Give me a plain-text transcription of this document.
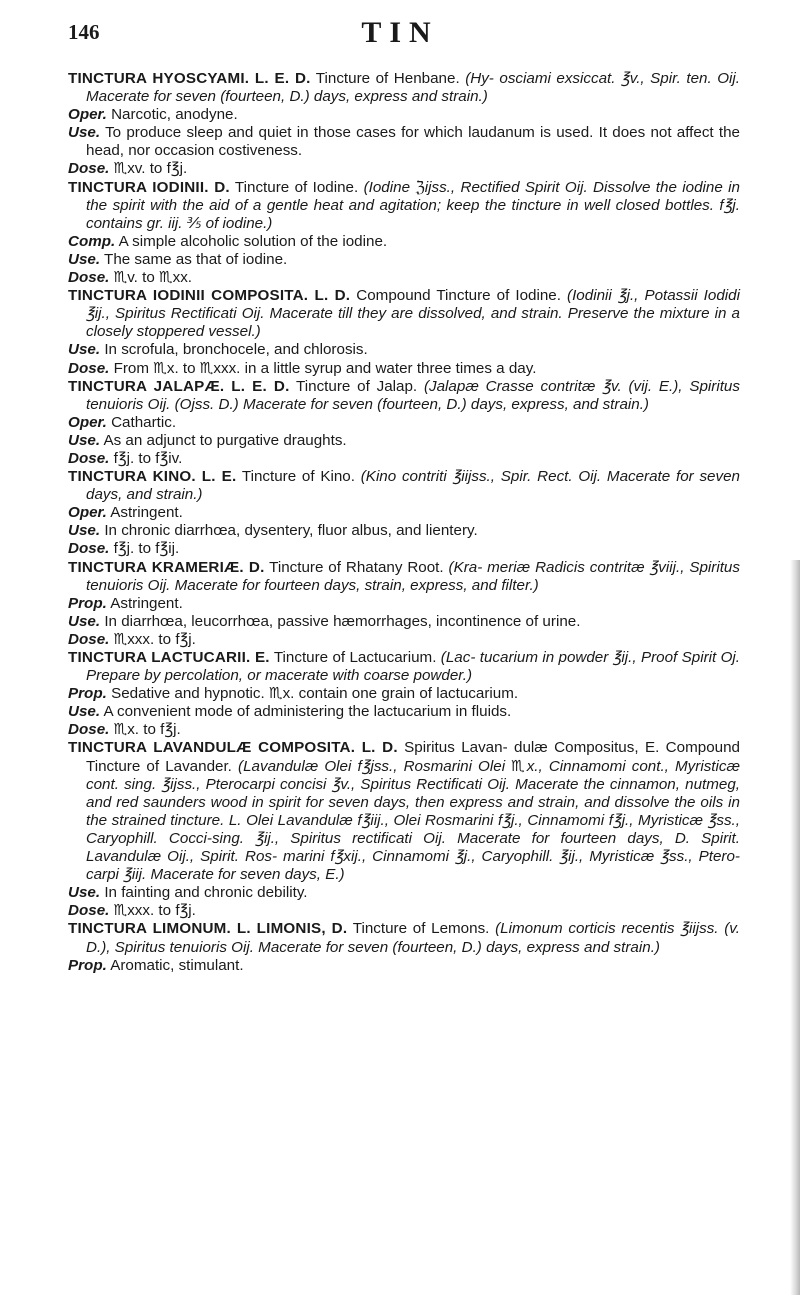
146	TIN

TINCTURA HYOSCYAMI. L. E. D. Tincture of Henbane. (Hy- osciami exsiccat. ℥v., Spir. ten. Oij. Macerate for seven (fourteen, D.) days, express and strain.)

Oper. Narcotic, anodyne.

Use. To produce sleep and quiet in those cases for which laudanum is used. It does not affect the head, nor occasion costiveness.

Dose. ♏xv. to f℥j.

TINCTURA IODINII. D. Tincture of Iodine. (Iodine ℨijss., Rectified Spirit Oij. Dissolve the iodine in the spirit with the aid of a gentle heat and agitation; keep the tincture in well closed bottles. f℥j. contains gr. iij. ⅗ of iodine.)

Comp. A simple alcoholic solution of the iodine.

Use. The same as that of iodine.

Dose. ♏v. to ♏xx.

TINCTURA IODINII COMPOSITA. L. D. Compound Tincture of Iodine. (Iodinii ℥j., Potassii Iodidi ℥ij., Spiritus Rectificati Oij. Macerate till they are dissolved, and strain. Preserve the mixture in a closely stoppered vessel.)

Use. In scrofula, bronchocele, and chlorosis.

Dose. From ♏x. to ♏xxx. in a little syrup and water three times a day.

TINCTURA JALAPÆ. L. E. D. Tincture of Jalap. (Jalapæ Crasse contritæ ℥v. (vij. E.), Spiritus tenuioris Oij. (Ojss. D.) Macerate for seven (fourteen, D.) days, express, and strain.)

Oper. Cathartic.

Use. As an adjunct to purgative draughts.

Dose. f℥j. to f℥iv.

TINCTURA KINO. L. E. Tincture of Kino. (Kino contriti ℥iijss., Spir. Rect. Oij. Macerate for seven days, and strain.)

Oper. Astringent.

Use. In chronic diarrhœa, dysentery, fluor albus, and lientery.

Dose. f℥j. to f℥ij.

TINCTURA KRAMERIÆ. D. Tincture of Rhatany Root. (Kra- meriæ Radicis contritæ ℥viij., Spiritus tenuioris Oij. Macerate for fourteen days, strain, express, and filter.)

Prop. Astringent.

Use. In diarrhœa, leucorrhœa, passive hæmorrhages, incontinence of urine.

Dose. ♏xxx. to f℥j.

TINCTURA LACTUCARII. E. Tincture of Lactucarium. (Lac- tucarium in powder ℥ij., Proof Spirit Oj. Prepare by percolation, or macerate with coarse powder.)

Prop. Sedative and hypnotic. ♏x. contain one grain of lactucarium.

Use. A convenient mode of administering the lactucarium in fluids.

Dose. ♏x. to f℥j.

TINCTURA LAVANDULÆ COMPOSITA. L. D. Spiritus Lavan- dulæ Compositus, E. Compound Tincture of Lavander. (Lavandulæ Olei f℥jss., Rosmarini Olei ♏x., Cinnamomi cont., Myristicæ cont. sing. ℥ijss., Pterocarpi concisi ℥v., Spiritus Rectificati Oij. Macerate the cinnamon, nutmeg, and red saunders wood in spirit for seven days, then express and strain, and dissolve the oils in the strained tincture. L. Olei Lavandulæ f℥iij., Olei Rosmarini f℥j., Cinnamomi f℥j., Myristicæ ℥ss., Caryophill. Cocci-sing. ℥ij., Spiritus rectificati Oij. Macerate for fourteen days, D. Spirit. Lavandulæ Oij., Spirit. Ros- marini f℥xij., Cinnamomi ℥j., Caryophill. ℥ij., Myristicæ ℥ss., Ptero- carpi ℥iij. Macerate for seven days, E.)

Use. In fainting and chronic debility.

Dose. ♏xxx. to f℥j.

TINCTURA LIMONUM. L. LIMONIS, D. Tincture of Lemons. (Limonum corticis recentis ℥iijss. (v. D.), Spiritus tenuioris Oij. Macerate for seven (fourteen, D.) days, express and strain.)

Prop. Aromatic, stimulant.
